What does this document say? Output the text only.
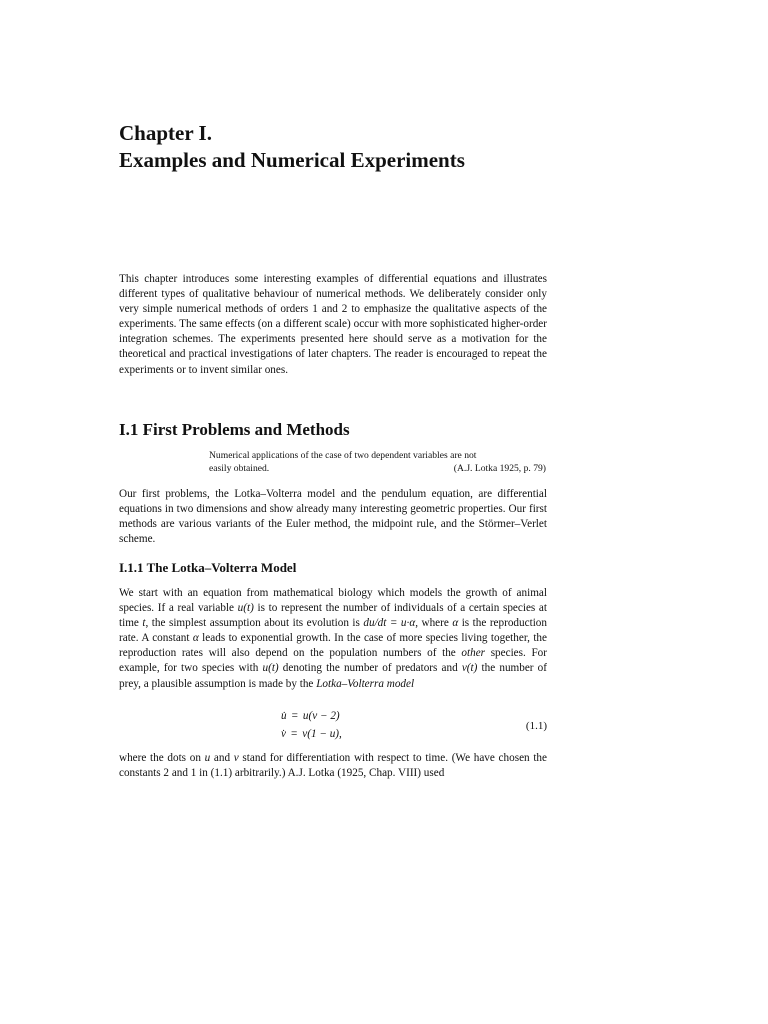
Chapter I.
Examples and Numerical Experiments

This chapter introduces some interesting examples of differential equations and illustrates different types of qualitative behaviour of numerical methods. We deliberately consider only very simple numerical methods of orders 1 and 2 to emphasize the qualitative aspects of the experiments. The same effects (on a different scale) occur with more sophisticated higher-order integration schemes. The experiments presented here should serve as a motivation for the theoretical and practical investigations of later chapters. The reader is encouraged to repeat the experiments or to invent similar ones.

I.1 First Problems and Methods
Numerical applications of the case of two dependent variables are not
easily obtained.	(A.J. Lotka 1925, p. 79)

Our first problems, the Lotka–Volterra model and the pendulum equation, are differential equations in two dimensions and show already many interesting geometric properties. Our first methods are various variants of the Euler method, the midpoint rule, and the Störmer–Verlet scheme.

I.1.1 The Lotka–Volterra Model

We start with an equation from mathematical biology which models the growth of animal species. If a real variable u(t) is to represent the number of individuals of a certain species at time t, the simplest assumption about its evolution is du/dt = u·α, where α is the reproduction rate. A constant α leads to exponential growth. In the case of more species living together, the reproduction rates will also depend on the population numbers of the other species. For example, for two species with u(t) denoting the number of predators and v(t) the number of prey, a plausible assumption is made by the Lotka–Volterra model

u̇ = u(v − 2)
v̇ = v(1 − u),
(1.1)

where the dots on u and v stand for differentiation with respect to time. (We have chosen the constants 2 and 1 in (1.1) arbitrarily.) A.J. Lotka (1925, Chap. VIII) used
